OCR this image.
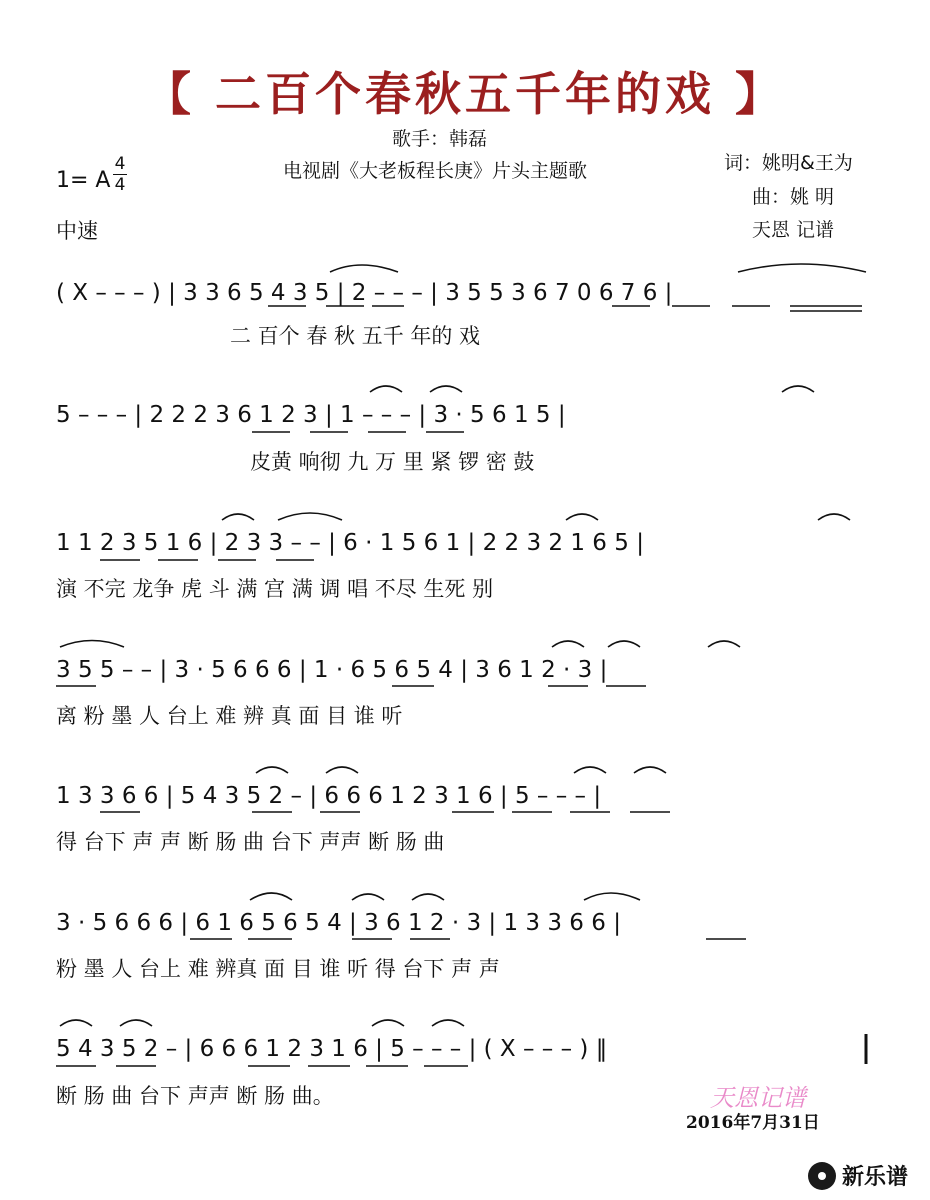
【 二百个春秋五千年的戏 】
歌手：韩磊
电视剧《大老板程长庚》片头主题歌	词：姚明&王为
曲：姚 明
天恩 记谱
1= A
4
4
中速
( X – – – ) | 3 3 6 5 4 3 5 | 2 – – – | 3 5 5 3 6 7 0 6 7 6 |
二 百个 春 秋 五千 年的 戏
5 – – – | 2 2 2 3 6 1 2 3 | 1 – – – | 3 · 5 6 1 5 |
皮黄 响彻 九 万 里 紧 锣 密 鼓
1 1 2 3 5 1 6 | 2 3 3 – – | 6 · 1 5 6 1 | 2 2 3 2 1 6 5 |
演 不完 龙争 虎 斗 满 宫 满 调 唱 不尽 生死 别
3 5 5 – – | 3 · 5 6 6 6 | 1 · 6 5 6 5 4 | 3 6 1 2 · 3 |
离 粉 墨 人 台上 难 辨 真 面 目 谁 听
1 3 3 6 6 | 5 4 3 5 2 – | 6 6 6 1 2 3 1 6 | 5 – – – |
得 台下 声 声 断 肠 曲 台下 声声 断 肠 曲
3 · 5 6 6 6 | 6 1 6 5 6 5 4 | 3 6 1 2 · 3 | 1 3 3 6 6 |
粉 墨 人 台上 难 辨真 面 目 谁 听 得 台下 声 声
5 4 3 5 2 – | 6 6 6 1 2 3 1 6 | 5 – – – | ( X – – – ) ‖
断 肠 曲 台下 声声 断 肠 曲。	天恩记谱
2016年7月31日
新乐谱
